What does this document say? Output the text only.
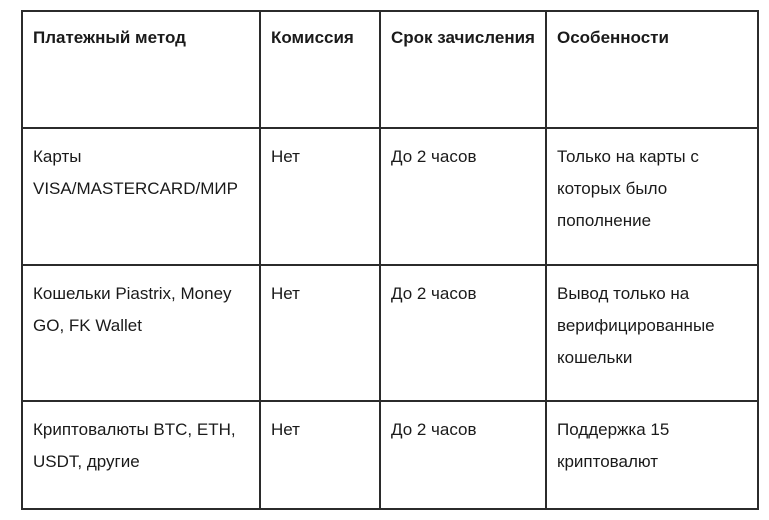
Платежный метод	Комиссия	Срок зачисления	Особенности
Карты VISA/MASTERCARD/МИР	Нет	До 2 часов	Только на карты с которых было пополнение
Кошельки Piastrix, Money GO, FK Wallet	Нет	До 2 часов	Вывод только на верифицированные кошельки
Криптовалюты BTC, ETH, USDT, другие	Нет	До 2 часов	Поддержка 15 криптовалют
